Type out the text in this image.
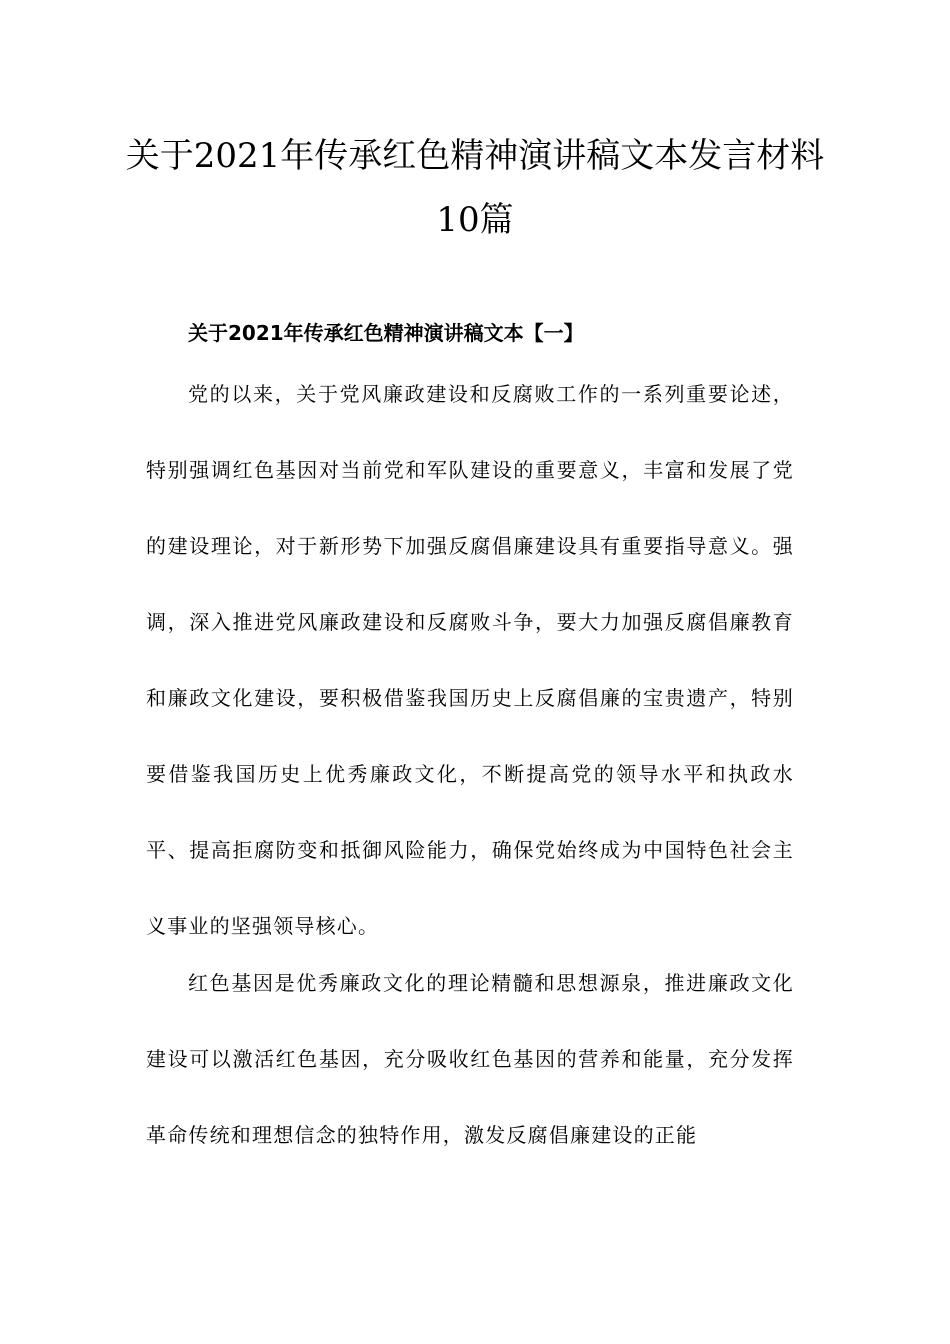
关于2021年传承红色精神演讲稿文本发言材料10篇
关于2021年传承红色精神演讲稿文本【一】

党的以来，关于党风廉政建设和反腐败工作的一系列重要论述，特别强调红色基因对当前党和军队建设的重要意义，丰富和发展了党的建设理论，对于新形势下加强反腐倡廉建设具有重要指导意义。强调，深入推进党风廉政建设和反腐败斗争，要大力加强反腐倡廉教育和廉政文化建设，要积极借鉴我国历史上反腐倡廉的宝贵遗产，特别要借鉴我国历史上优秀廉政文化，不断提高党的领导水平和执政水平、提高拒腐防变和抵御风险能力，确保党始终成为中国特色社会主义事业的坚强领导核心。

红色基因是优秀廉政文化的理论精髓和思想源泉，推进廉政文化建设可以激活红色基因，充分吸收红色基因的营养和能量，充分发挥革命传统和理想信念的独特作用，激发反腐倡廉建设的正能
